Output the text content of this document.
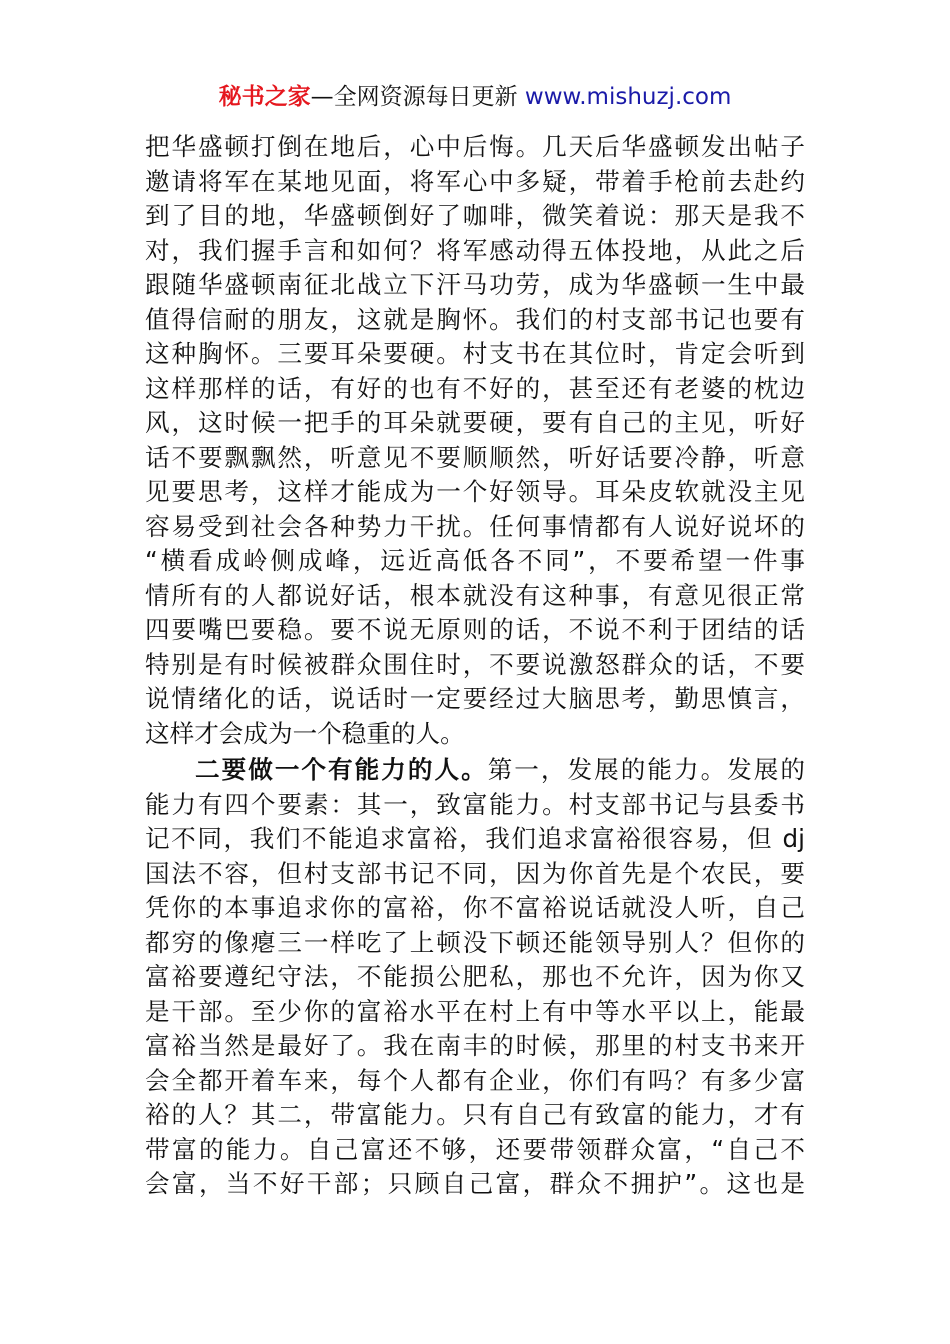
秘书之家—全网资源每日更新 www.mishuzj.com
把华盛顿打倒在地后，心中后悔。几天后华盛顿发出帖子
邀请将军在某地见面，将军心中多疑，带着手枪前去赴约
到了目的地，华盛顿倒好了咖啡，微笑着说：那天是我不
对，我们握手言和如何？将军感动得五体投地，从此之后
跟随华盛顿南征北战立下汗马功劳，成为华盛顿一生中最
值得信耐的朋友，这就是胸怀。我们的村支部书记也要有
这种胸怀。三要耳朵要硬。村支书在其位时，肯定会听到
这样那样的话，有好的也有不好的，甚至还有老婆的枕边
风，这时候一把手的耳朵就要硬，要有自己的主见，听好
话不要飘飘然，听意见不要顺顺然，听好话要冷静，听意
见要思考，这样才能成为一个好领导。耳朵皮软就没主见
容易受到社会各种势力干扰。任何事情都有人说好说坏的
“横看成岭侧成峰，远近高低各不同”，不要希望一件事
情所有的人都说好话，根本就没有这种事，有意见很正常
四要嘴巴要稳。要不说无原则的话，不说不利于团结的话
特别是有时候被群众围住时，不要说激怒群众的话，不要
说情绪化的话，说话时一定要经过大脑思考，勤思慎言，
这样才会成为一个稳重的人。
二要做一个有能力的人。第一，发展的能力。发展的
能力有四个要素：其一，致富能力。村支部书记与县委书
记不同，我们不能追求富裕，我们追求富裕很容易，但 dj
国法不容，但村支部书记不同，因为你首先是个农民，要
凭你的本事追求你的富裕，你不富裕说话就没人听，自己
都穷的像瘪三一样吃了上顿没下顿还能领导别人？但你的
富裕要遵纪守法，不能损公肥私，那也不允许，因为你又
是干部。至少你的富裕水平在村上有中等水平以上，能最
富裕当然是最好了。我在南丰的时候，那里的村支书来开
会全都开着车来，每个人都有企业，你们有吗？有多少富
裕的人？其二，带富能力。只有自己有致富的能力，才有
带富的能力。自己富还不够，还要带领群众富，“自己不
会富，当不好干部；只顾自己富，群众不拥护”。这也是
